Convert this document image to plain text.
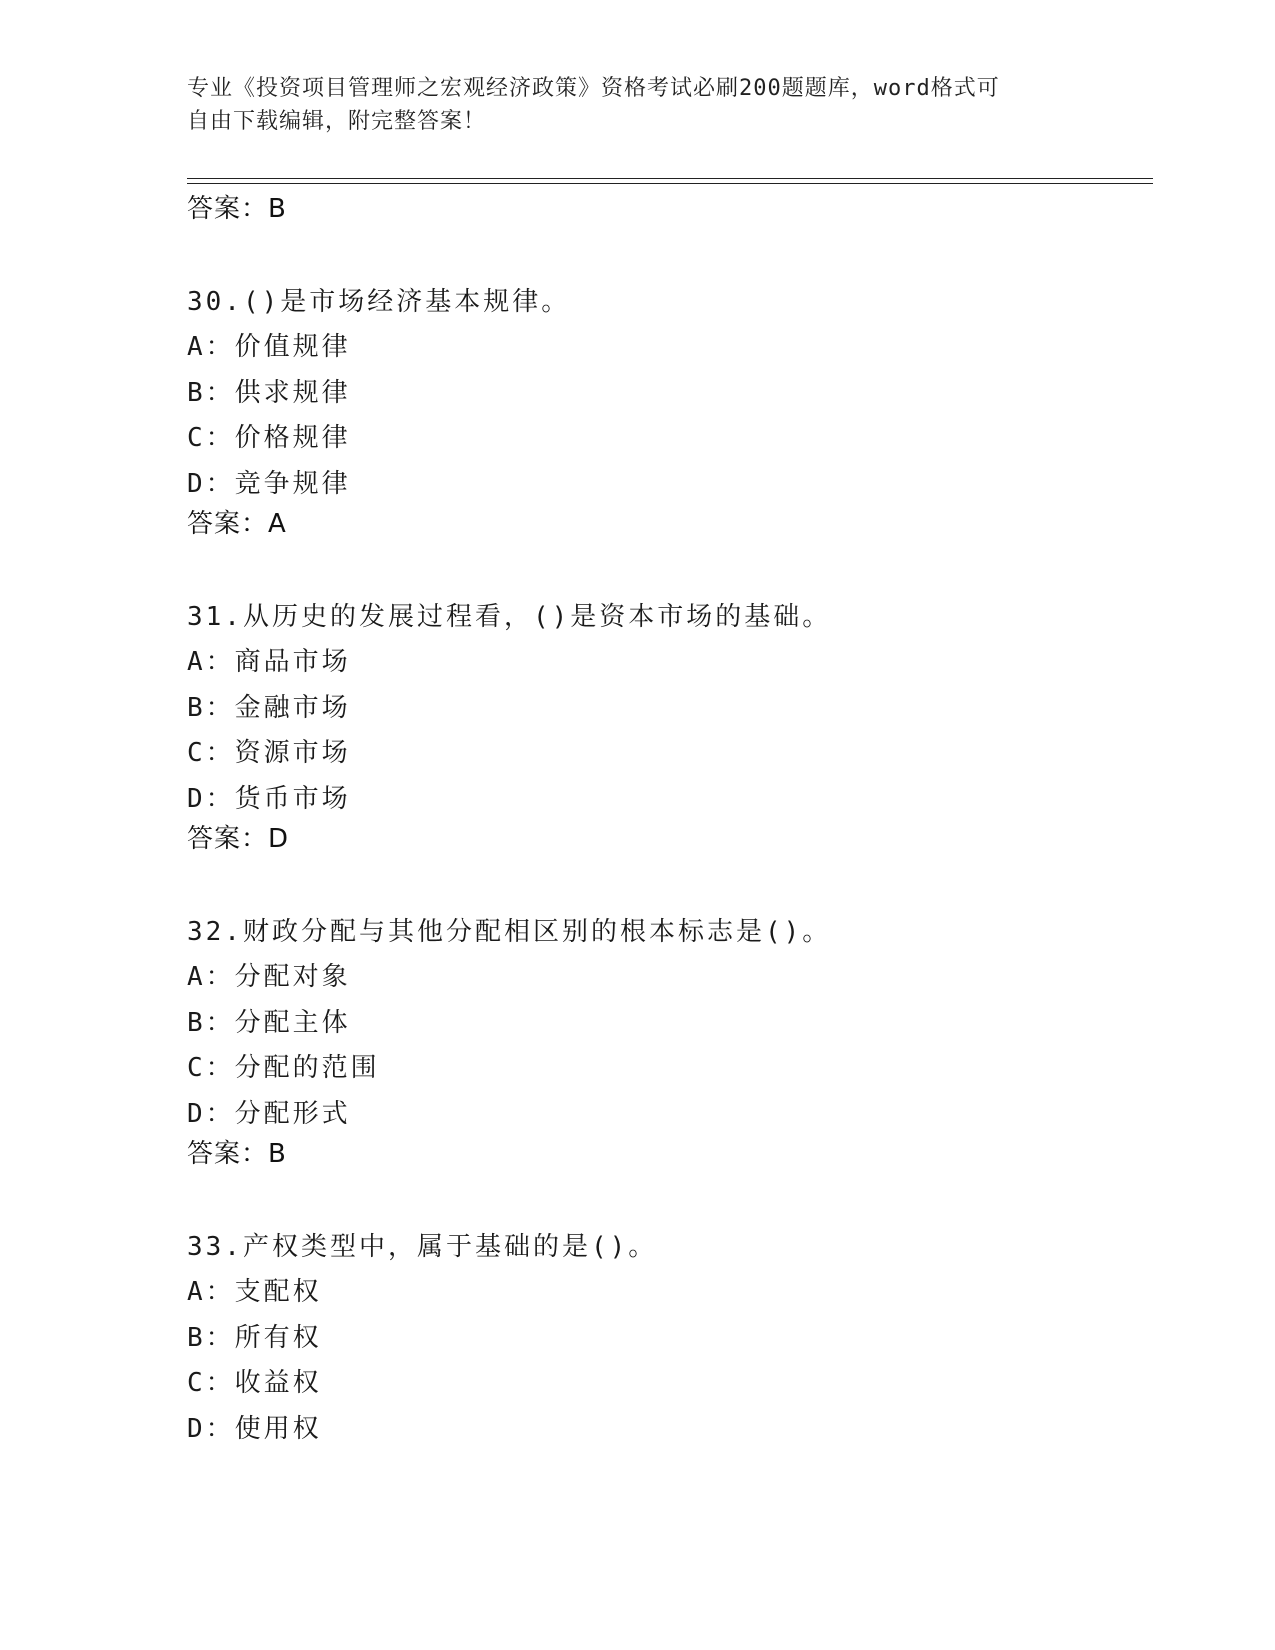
专业《投资项目管理师之宏观经济政策》资格考试必刷200题题库，word格式可
自由下载编辑，附完整答案！
答案：B
30.()是市场经济基本规律。
A：价值规律
B：供求规律
C：价格规律
D：竞争规律
答案：A
31.从历史的发展过程看，()是资本市场的基础。
A：商品市场
B：金融市场
C：资源市场
D：货币市场
答案：D
32.财政分配与其他分配相区别的根本标志是()。
A：分配对象
B：分配主体
C：分配的范围
D：分配形式
答案：B
33.产权类型中，属于基础的是()。
A：支配权
B：所有权
C：收益权
D：使用权
